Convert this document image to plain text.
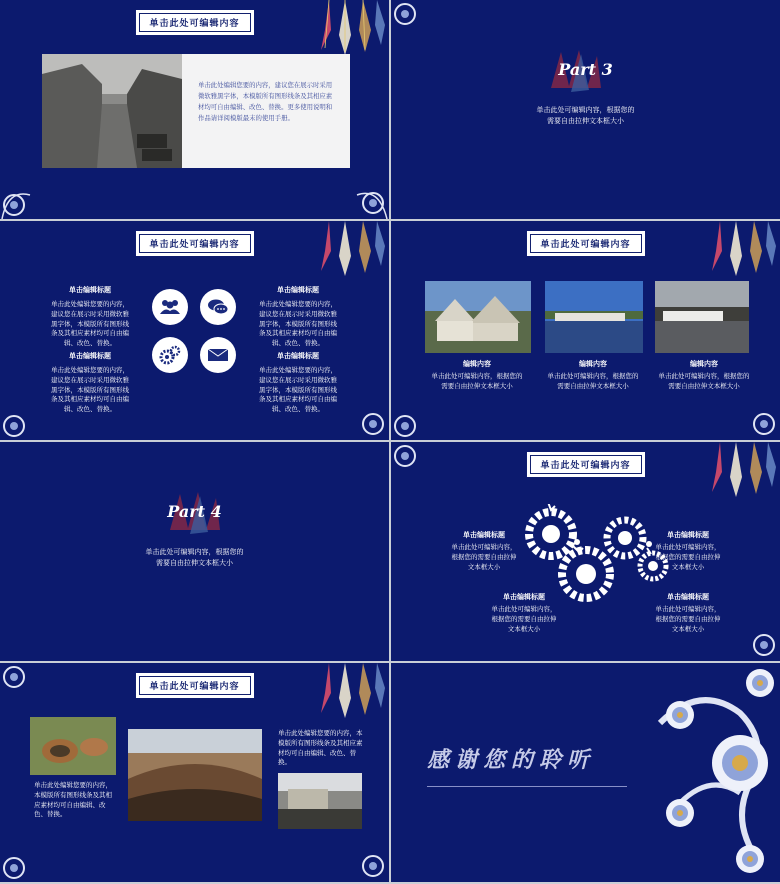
单击此处可编辑内容

单击此处编辑您要的内容，建议您在展示时采用微软雅黑字体，本模版所有图形线条及其相应素材均可自由编辑、改色、替换。更多使用说明和作品请详阅模版最末的使用手册。

Part 3
单击此处可编辑内容，根据您的需要自由拉伸文本框大小
单击此处可编辑内容
单击编辑标题
单击此处编辑您要的内容，建议您在展示时采用微软雅黑字体，本模版所有图形线条及其相应素材均可自由编辑、改色、替换。
单击编辑标题
单击此处编辑您要的内容，建议您在展示时采用微软雅黑字体，本模版所有图形线条及其相应素材均可自由编辑、改色、替换。
单击编辑标题
单击此处编辑您要的内容，建议您在展示时采用微软雅黑字体，本模版所有图形线条及其相应素材均可自由编辑、改色、替换。
单击编辑标题
单击此处编辑您要的内容，建议您在展示时采用微软雅黑字体，本模版所有图形线条及其相应素材均可自由编辑、改色、替换。
单击此处可编辑内容
编辑内容
单击此处可编辑内容，根据您的需要自由拉伸文本框大小
编辑内容
单击此处可编辑内容，根据您的需要自由拉伸文本框大小
编辑内容
单击此处可编辑内容，根据您的需要自由拉伸文本框大小
Part 4
单击此处可编辑内容，根据您的需要自由拉伸文本框大小
单击此处可编辑内容
单击编辑标题
单击此处可编辑内容，根据您的需要自由拉伸文本框大小
单击编辑标题
单击此处可编辑内容，根据您的需要自由拉伸文本框大小
单击编辑标题
单击此处可编辑内容，根据您的需要自由拉伸文本框大小
单击编辑标题
单击此处可编辑内容，根据您的需要自由拉伸文本框大小
单击此处可编辑内容
单击此处编辑您要的内容，本模版所有图形线条及其相应素材均可自由编辑、改色、替换。
单击此处编辑您要的内容，本模版所有图形线条及其相应素材均可自由编辑、改色、替换。	感谢您的聆听
